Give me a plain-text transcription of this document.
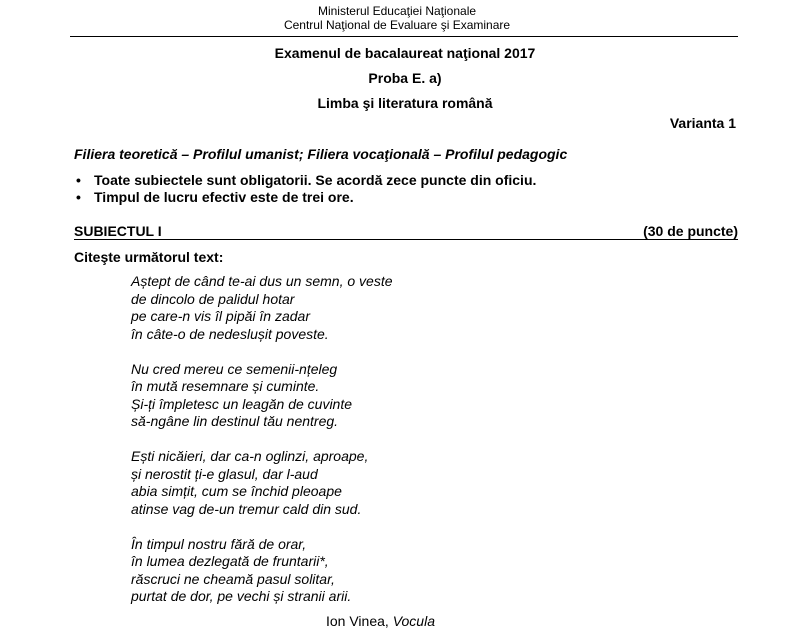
Ministerul Educaţiei Naţionale
Centrul Naţional de Evaluare şi Examinare
Examenul de bacalaureat naţional 2017
Proba E. a)
Limba şi literatura română
Varianta 1
Filiera teoretică – Profilul umanist; Filiera vocaţională – Profilul pedagogic
• Toate subiectele sunt obligatorii. Se acordă zece puncte din oficiu.
• Timpul de lucru efectiv este de trei ore.
SUBIECTUL I	(30 de puncte)
Citeşte următorul text:
Aștept de când te-ai dus un semn, o veste
de dincolo de palidul hotar
pe care-n vis îl pipăi în zadar
în câte-o de nedeslușit poveste.
Nu cred mereu ce semenii-nțeleg
în mută resemnare și cuminte.
Și-ți împletesc un leagăn de cuvinte
să-ngâne lin destinul tău nentreg.
Ești nicăieri, dar ca-n oglinzi, aproape,
și nerostit ți-e glasul, dar l-aud
abia simțit, cum se închid pleoape
atinse vag de-un tremur cald din sud.
În timpul nostru fără de orar,
în lumea dezlegată de fruntarii*,
răscruci ne cheamă pasul solitar,
purtat de dor, pe vechi și stranii arii.
Ion Vinea, Vocula
